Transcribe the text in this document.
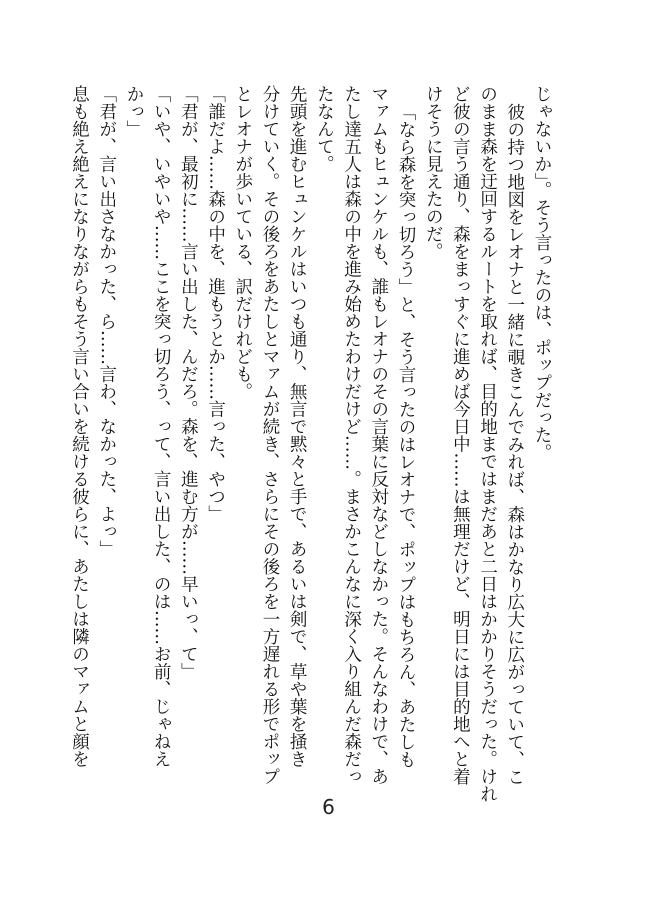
じゃないか」。そう言ったのは、ポップだった。
彼の持つ地図をレオナと一緒に覗きこんでみれば、森はかなり広大に広がっていて、こ
のまま森を迂回するルートを取れば、目的地まではまだあと二日はかかりそうだった。けれ
ど彼の言う通り、森をまっすぐに進めば今日中……は無理だけど、明日には目的地へと着
けそうに見えたのだ。
「なら森を突っ切ろう」と、そう言ったのはレオナで、ポップはもちろん、あたしも
マァムもヒュンケルも、誰もレオナのその言葉に反対などしなかった。そんなわけで、あ
たし達五人は森の中を進み始めたわけだけど……。まさかこんなに深く入り組んだ森だっ
たなんて。
先頭を進むヒュンケルはいつも通り、無言で黙々と手で、あるいは剣で、草や葉を掻き
分けていく。その後ろをあたしとマァムが続き、さらにその後ろを一方遅れる形でポップ
とレオナが歩いている、訳だけれども。
「誰だよ……森の中を、進もうとか……言った、やつ」
「君が、最初に……言い出した、んだろ。森を、進む方が……早いっ、て」
「いや、いやいや……ここを突っ切ろう、って、言い出した、のは……お前、じゃねえ
かっ」
「君が、言い出さなかった、ら……言わ、なかった、よっ」
息も絶え絶えになりながらもそう言い合いを続ける彼らに、あたしは隣のマァムと顔を
6
